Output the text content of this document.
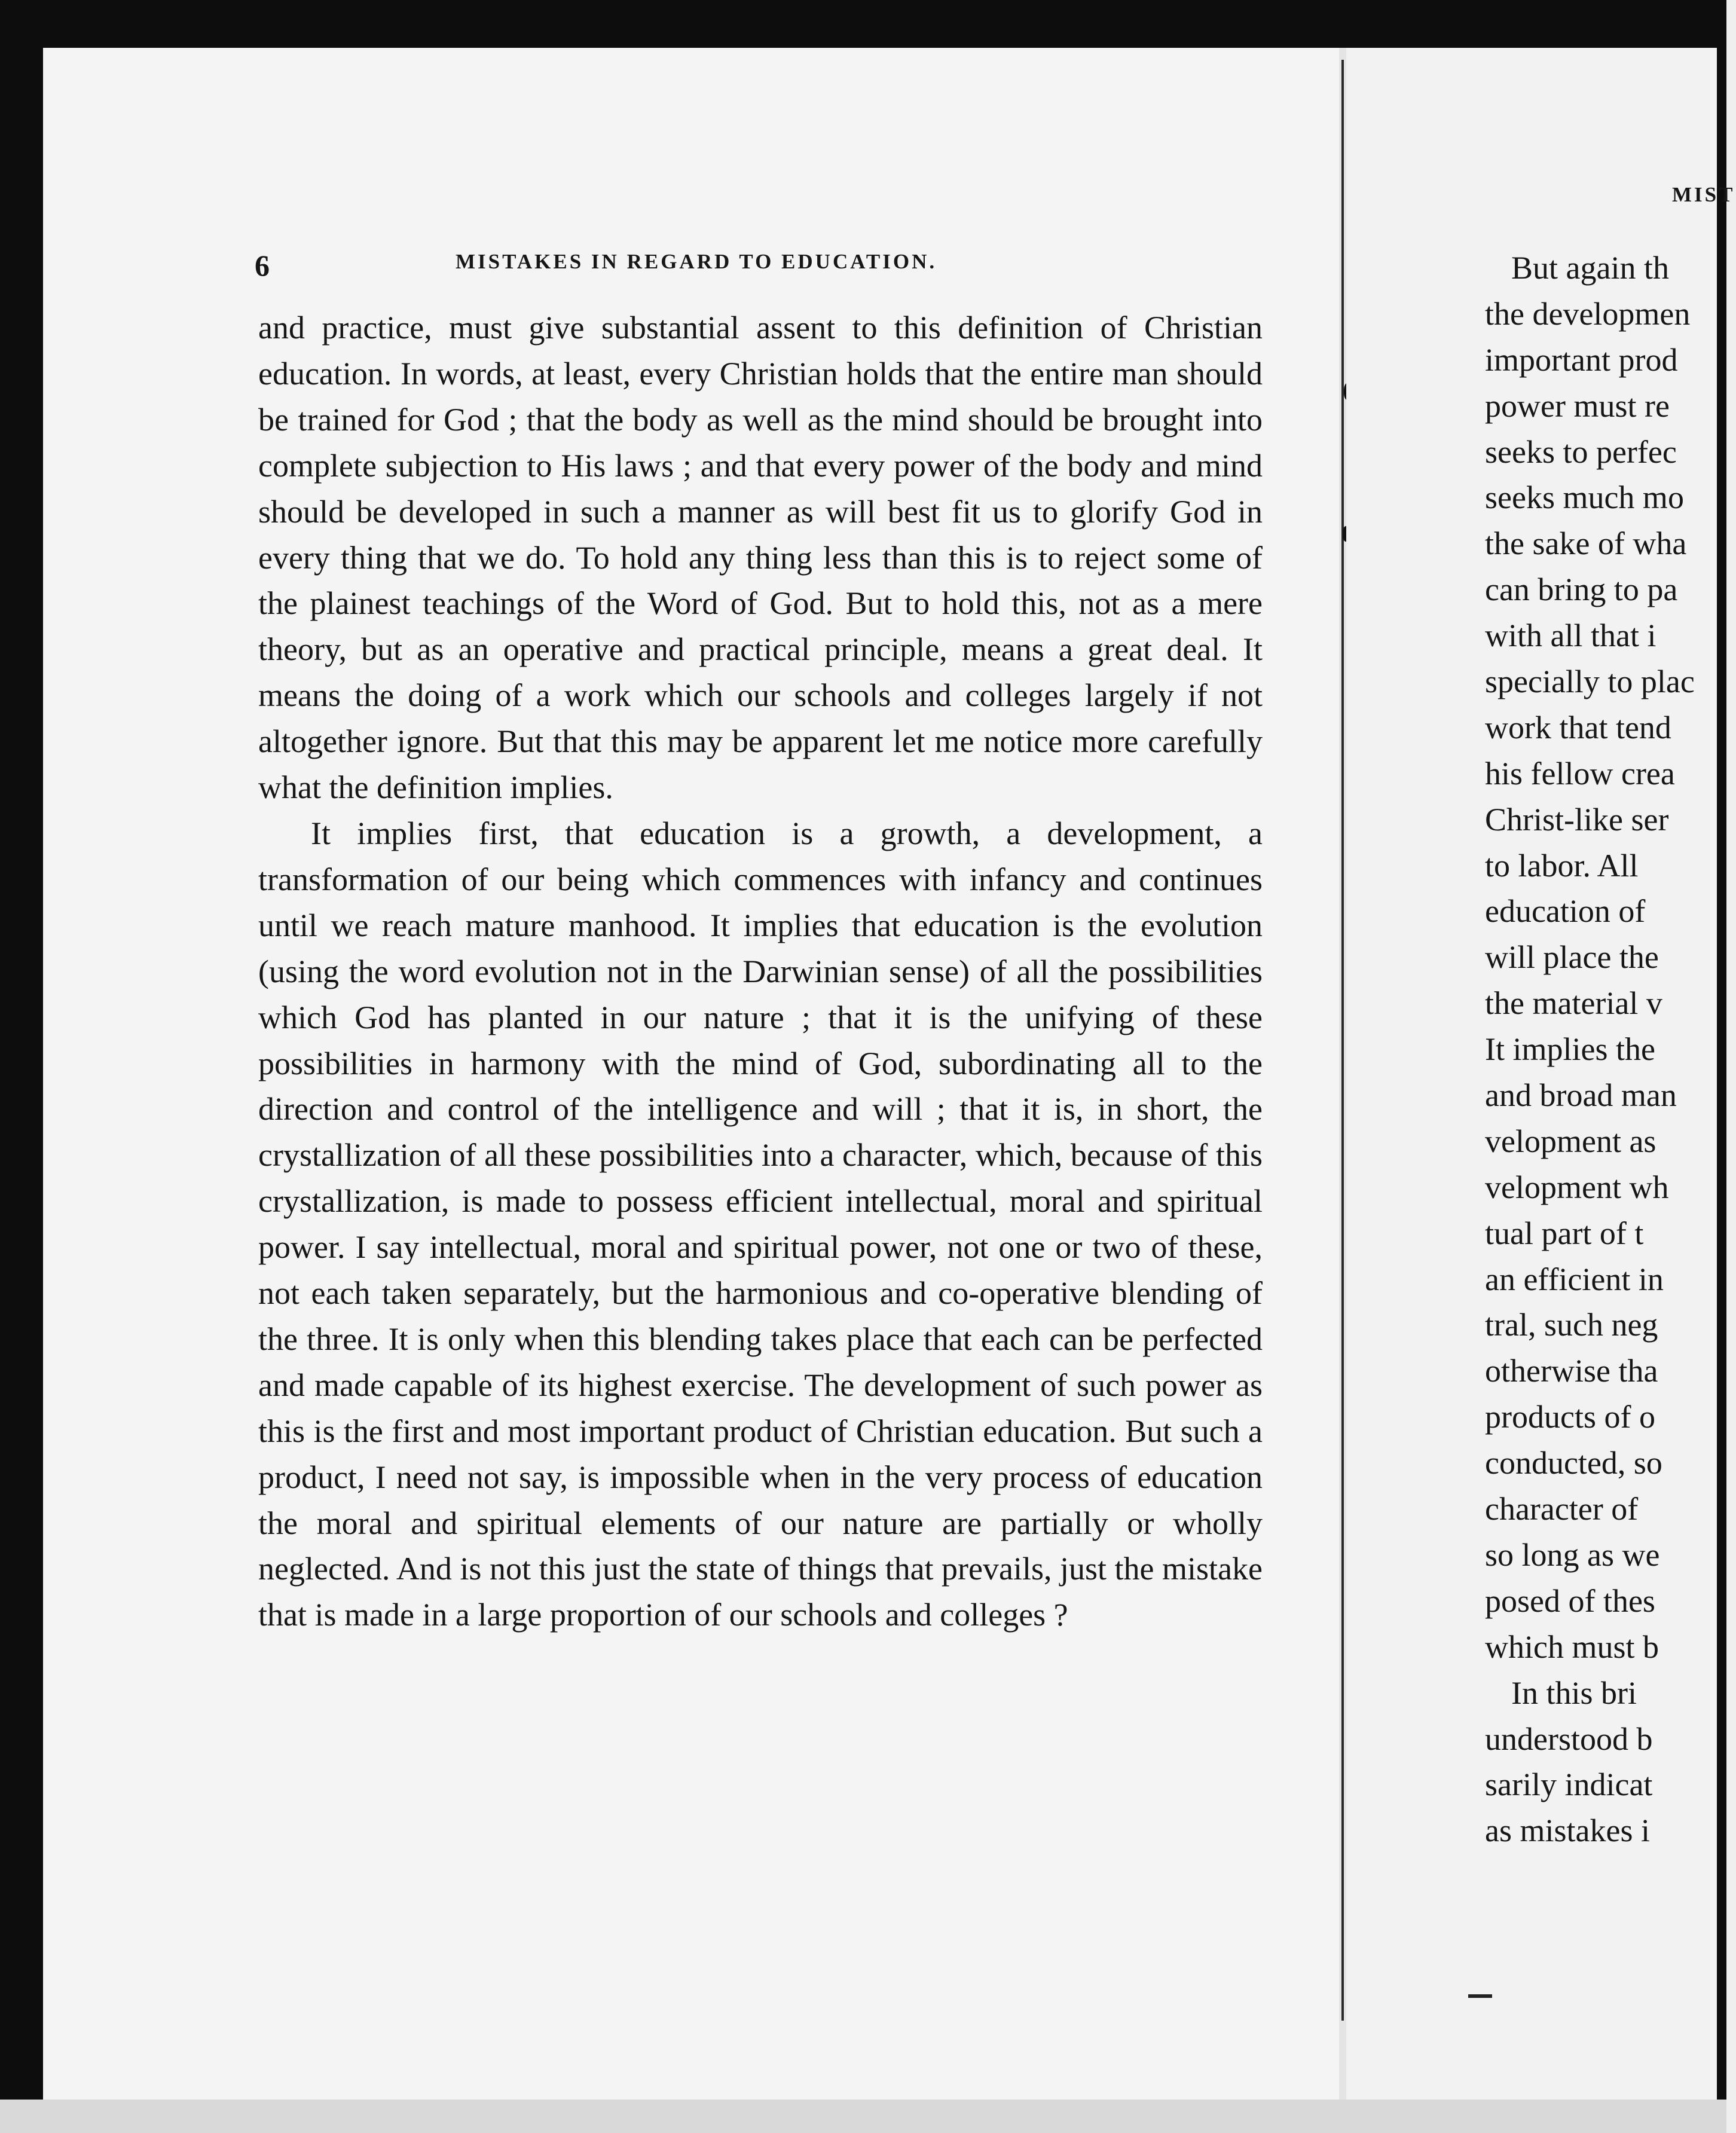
6	MISTAKES IN REGARD TO EDUCATION.

and practice, must give substantial assent to this definition of Christian education. In words, at least, every Christian holds that the entire man should be trained for God ; that the body as well as the mind should be brought into complete subjection to His laws ; and that every power of the body and mind should be developed in such a manner as will best fit us to glorify God in every thing that we do. To hold any thing less than this is to reject some of the plainest teachings of the Word of God. But to hold this, not as a mere theory, but as an operative and practical principle, means a great deal. It means the doing of a work which our schools and colleges largely if not altogether ignore. But that this may be apparent let me notice more carefully what the definition implies.

It implies first, that education is a growth, a development, a transformation of our being which commences with infancy and continues until we reach mature manhood. It implies that education is the evolution (using the word evolution not in the Darwinian sense) of all the possibilities which God has planted in our nature ; that it is the unifying of these possibilities in harmony with the mind of God, subordinating all to the direction and control of the intelligence and will ; that it is, in short, the crystallization of all these possibilities into a character, which, because of this crystallization, is made to possess efficient intellectual, moral and spiritual power. I say intellectual, moral and spiritual power, not one or two of these, not each taken separately, but the harmonious and co-operative blending of the three. It is only when this blending takes place that each can be perfected and made capable of its highest exercise. The development of such power as this is the first and most important product of Christian education. But such a product, I need not say, is impossible when in the very process of education the moral and spiritual elements of our nature are partially or wholly neglected. And is not this just the state of things that prevails, just the mistake that is made in a large proportion of our schools and colleges ?

MIST
But again th
the developmen
important prod
power must re
seeks to perfec
seeks much mo
the sake of wha
can bring to pa
with all that i
specially to plac
work that tend
his fellow crea
Christ-like ser
to labor. All
education of
will place the
the material v
It implies the
and broad man
velopment as
velopment wh
tual part of t
an efficient in
tral, such neg
otherwise tha
products of o
conducted, so
character of
so long as we
posed of thes
which must b
In this bri
understood b
sarily indicat
as mistakes i
